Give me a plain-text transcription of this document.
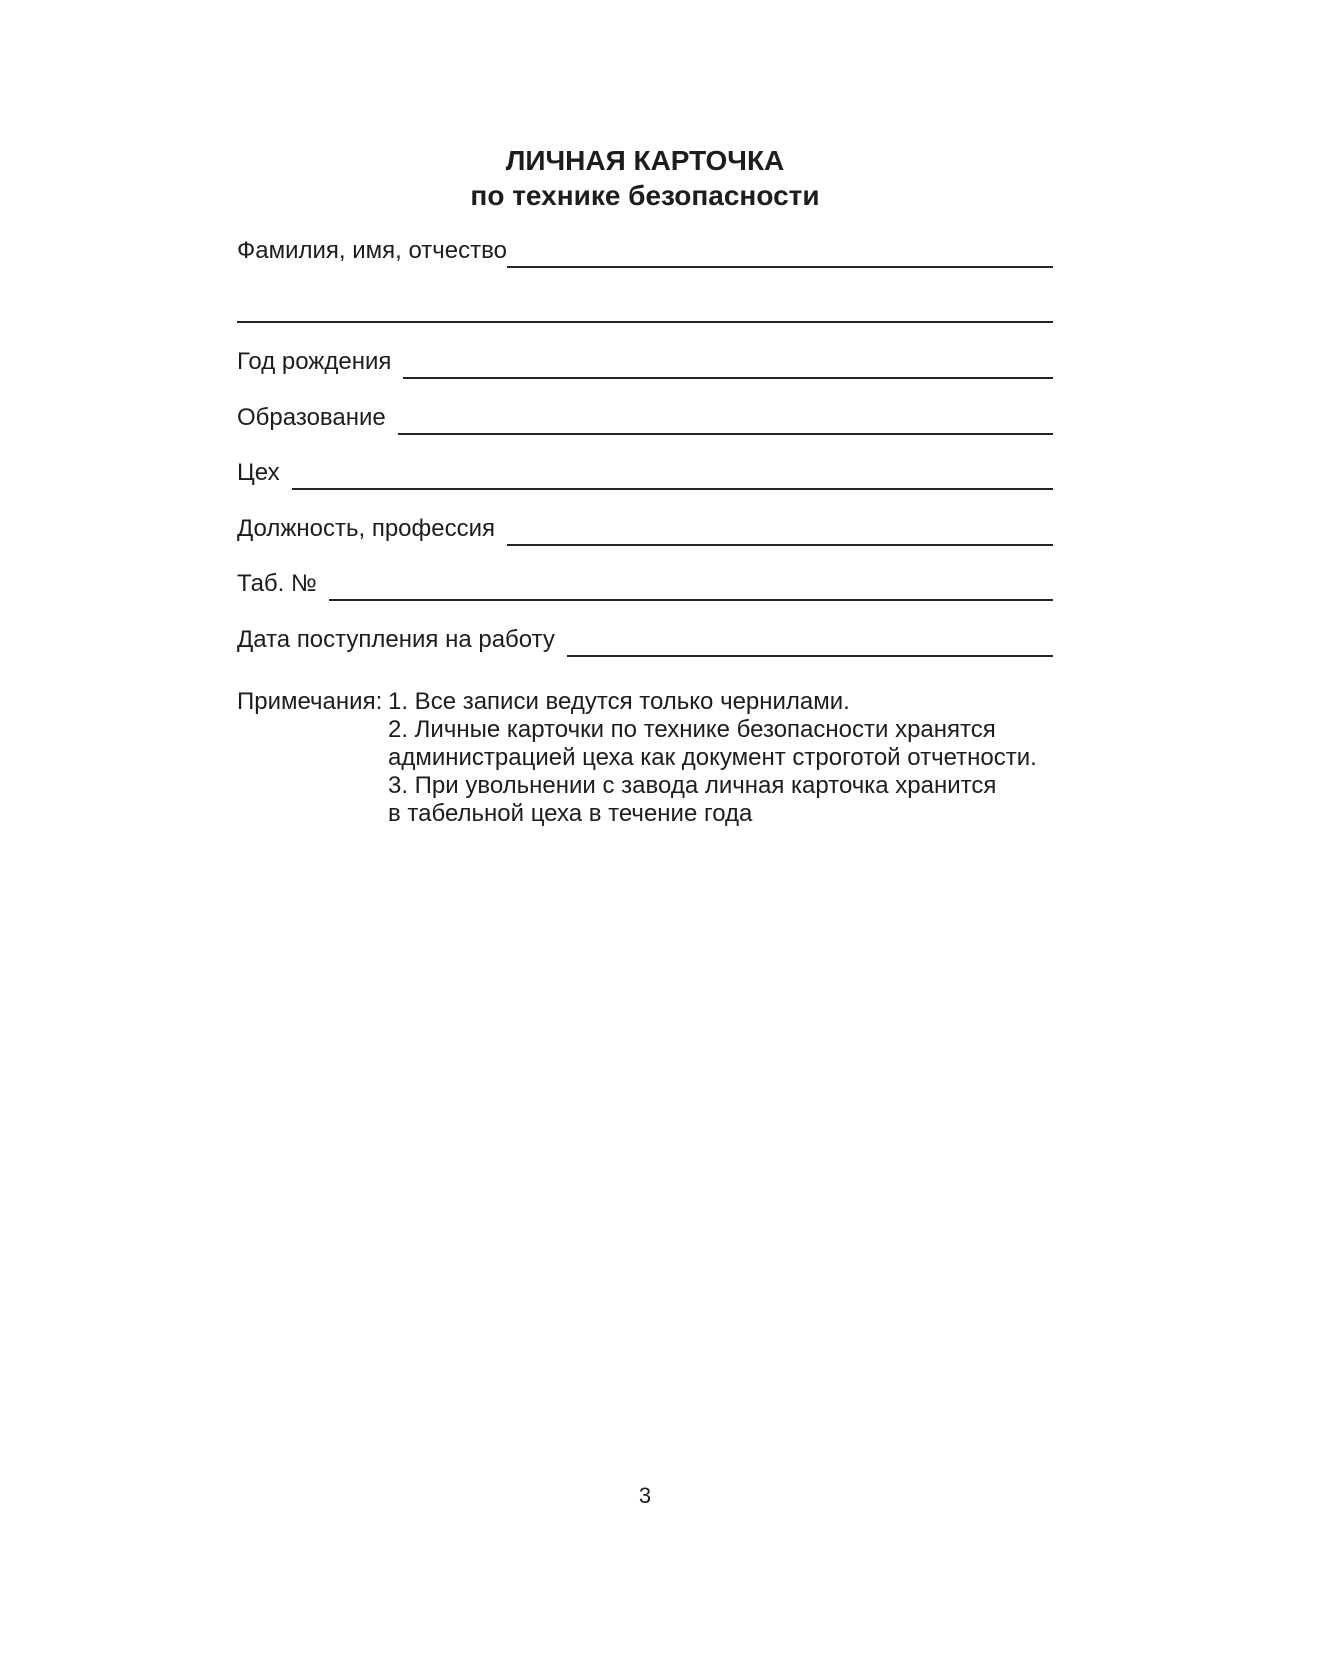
ЛИЧНАЯ КАРТОЧКА
по технике безопасности
Фамилия, имя, отчество
Год рождения
Образование
Цех
Должность, профессия
Таб. №
Дата поступления на работу
Примечания: 1. Все записи ведутся только чернилами.
2. Личные карточки по технике безопасности хранятся
администрацией цеха как документ строготой отчетности.
3. При увольнении с завода личная карточка хранится
в табельной цеха в течение года
3
